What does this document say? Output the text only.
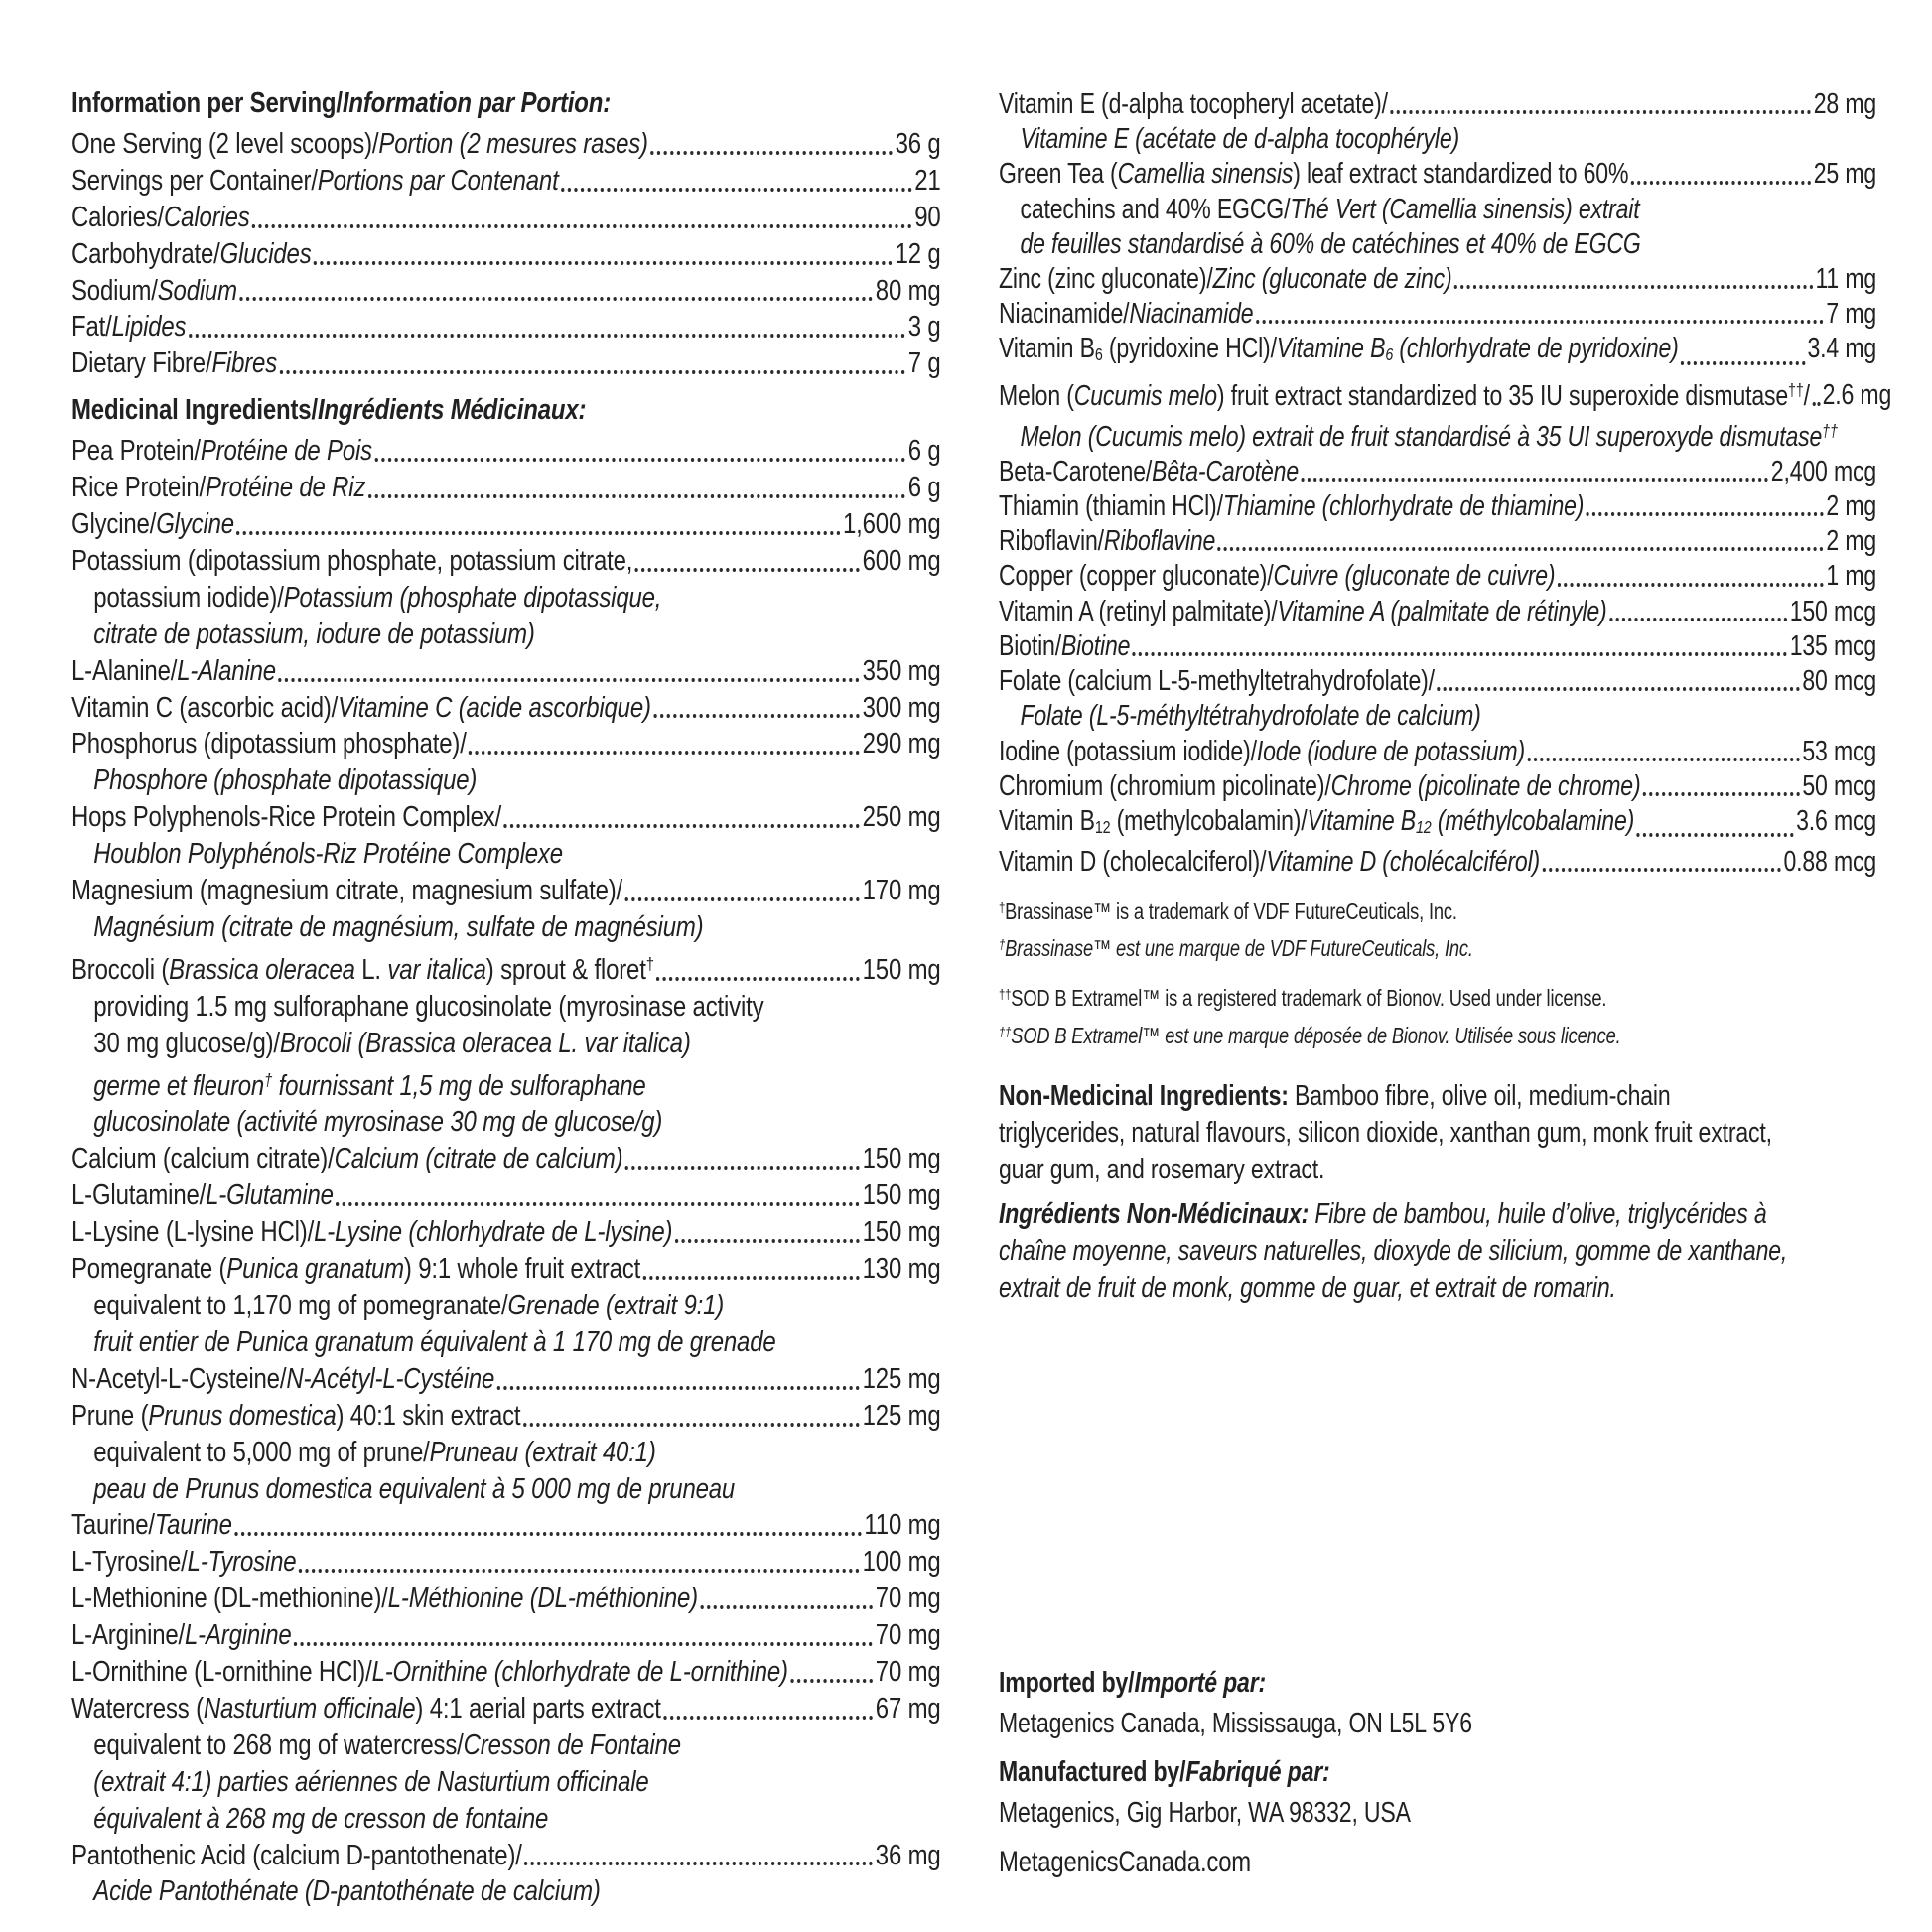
Information per Serving/Information par Portion:
One Serving (2 level scoops)/Portion (2 mesures rases)	36 g
Servings per Container/Portions par Contenant	21
Calories/Calories	90
Carbohydrate/Glucides	12 g
Sodium/Sodium	80 mg
Fat/Lipides	3 g
Dietary Fibre/Fibres	7 g
Medicinal Ingredients/Ingrédients Médicinaux:
Pea Protein/Protéine de Pois	6 g
Rice Protein/Protéine de Riz	6 g
Glycine/Glycine	1,600 mg
Potassium (dipotassium phosphate, potassium citrate,	600 mg
potassium iodide)/Potassium (phosphate dipotassique,
citrate de potassium, iodure de potassium)
L-Alanine/L-Alanine	350 mg
Vitamin C (ascorbic acid)/Vitamine C (acide ascorbique)	300 mg
Phosphorus (dipotassium phosphate)/	290 mg
Phosphore (phosphate dipotassique)
Hops Polyphenols-Rice Protein Complex/	250 mg
Houblon Polyphénols-Riz Protéine Complexe
Magnesium (magnesium citrate, magnesium sulfate)/	170 mg
Magnésium (citrate de magnésium, sulfate de magnésium)
Broccoli (Brassica oleracea L. var italica) sprout & floret†	150 mg
providing 1.5 mg sulforaphane glucosinolate (myrosinase activity
30 mg glucose/g)/Brocoli (Brassica oleracea L. var italica)
germe et fleuron† fournissant 1,5 mg de sulforaphane
glucosinolate (activité myrosinase 30 mg de glucose/g)
Calcium (calcium citrate)/Calcium (citrate de calcium)	150 mg
L-Glutamine/L-Glutamine	150 mg
L-Lysine (L-lysine HCl)/L-Lysine (chlorhydrate de L-lysine)	150 mg
Pomegranate (Punica granatum) 9:1 whole fruit extract	130 mg
equivalent to 1,170 mg of pomegranate/Grenade (extrait 9:1)
fruit entier de Punica granatum équivalent à 1 170 mg de grenade
N-Acetyl-L-Cysteine/N-Acétyl-L-Cystéine	125 mg
Prune (Prunus domestica) 40:1 skin extract	125 mg
equivalent to 5,000 mg of prune/Pruneau (extrait 40:1)
peau de Prunus domestica equivalent à 5 000 mg de pruneau
Taurine/Taurine	110 mg
L-Tyrosine/L-Tyrosine	100 mg
L-Methionine (DL-methionine)/L-Méthionine (DL-méthionine)	70 mg
L-Arginine/L-Arginine	70 mg
L-Ornithine (L-ornithine HCl)/L-Ornithine (chlorhydrate de L-ornithine)	70 mg
Watercress (Nasturtium officinale) 4:1 aerial parts extract	67 mg
equivalent to 268 mg of watercress/Cresson de Fontaine
(extrait 4:1) parties aériennes de Nasturtium officinale
équivalent à 268 mg de cresson de fontaine
Pantothenic Acid (calcium D-pantothenate)/	36 mg
Acide Pantothénate (D-pantothénate de calcium)
Vitamin E (d-alpha tocopheryl acetate)/	28 mg
Vitamine E (acétate de d-alpha tocophéryle)
Green Tea (Camellia sinensis) leaf extract standardized to 60%	25 mg
catechins and 40% EGCG/Thé Vert (Camellia sinensis) extrait
de feuilles standardisé à 60% de catéchines et 40% de EGCG
Zinc (zinc gluconate)/Zinc (gluconate de zinc)	11 mg
Niacinamide/Niacinamide	7 mg
Vitamin $B_6$ (pyridoxine HCl)/Vitamine $B_6$ (chlorhydrate de pyridoxine)	3.4 mg
Melon (Cucumis melo) fruit extract standardized to 35 IU superoxide dismutase††/ 2.6 mg
Melon (Cucumis melo) extrait de fruit standardisé à 35 UI superoxyde dismutase††
Beta-Carotene/Bêta-Carotène	2,400 mcg
Thiamin (thiamin HCl)/Thiamine (chlorhydrate de thiamine)	2 mg
Riboflavin/Riboflavine	2 mg
Copper (copper gluconate)/Cuivre (gluconate de cuivre)	1 mg
Vitamin A (retinyl palmitate)/Vitamine A (palmitate de rétinyle)	150 mcg
Biotin/Biotine	135 mcg
Folate (calcium L-5-methyltetrahydrofolate)/	80 mcg
Folate (L-5-méthyltétrahydrofolate de calcium)
Iodine (potassium iodide)/Iode (iodure de potassium)	53 mcg
Chromium (chromium picolinate)/Chrome (picolinate de chrome)	50 mcg
Vitamin $B_{12}$ (methylcobalamin)/Vitamine $B_{12}$ (méthylcobalamine)	3.6 mcg
Vitamin D (cholecalciferol)/Vitamine D (cholécalciférol)	0.88 mcg
†Brassinase™ is a trademark of VDF FutureCeuticals, Inc.
†Brassinase™ est une marque de VDF FutureCeuticals, Inc.
††SOD B Extramel™ is a registered trademark of Bionov. Used under license.
††SOD B Extramel™ est une marque déposée de Bionov. Utilisée sous licence.

Non-Medicinal Ingredients: Bamboo fibre, olive oil, medium-chain triglycerides, natural flavours, silicon dioxide, xanthan gum, monk fruit extract, guar gum, and rosemary extract.

Ingrédients Non-Médicinaux: Fibre de bambou, huile d’olive, triglycérides à chaîne moyenne, saveurs naturelles, dioxyde de silicium, gomme de xanthane, extrait de fruit de monk, gomme de guar, et extrait de romarin.

Imported by/Importé par:
Metagenics Canada, Mississauga, ON L5L 5Y6
Manufactured by/Fabriqué par:
Metagenics, Gig Harbor, WA 98332, USA
MetagenicsCanada.com
